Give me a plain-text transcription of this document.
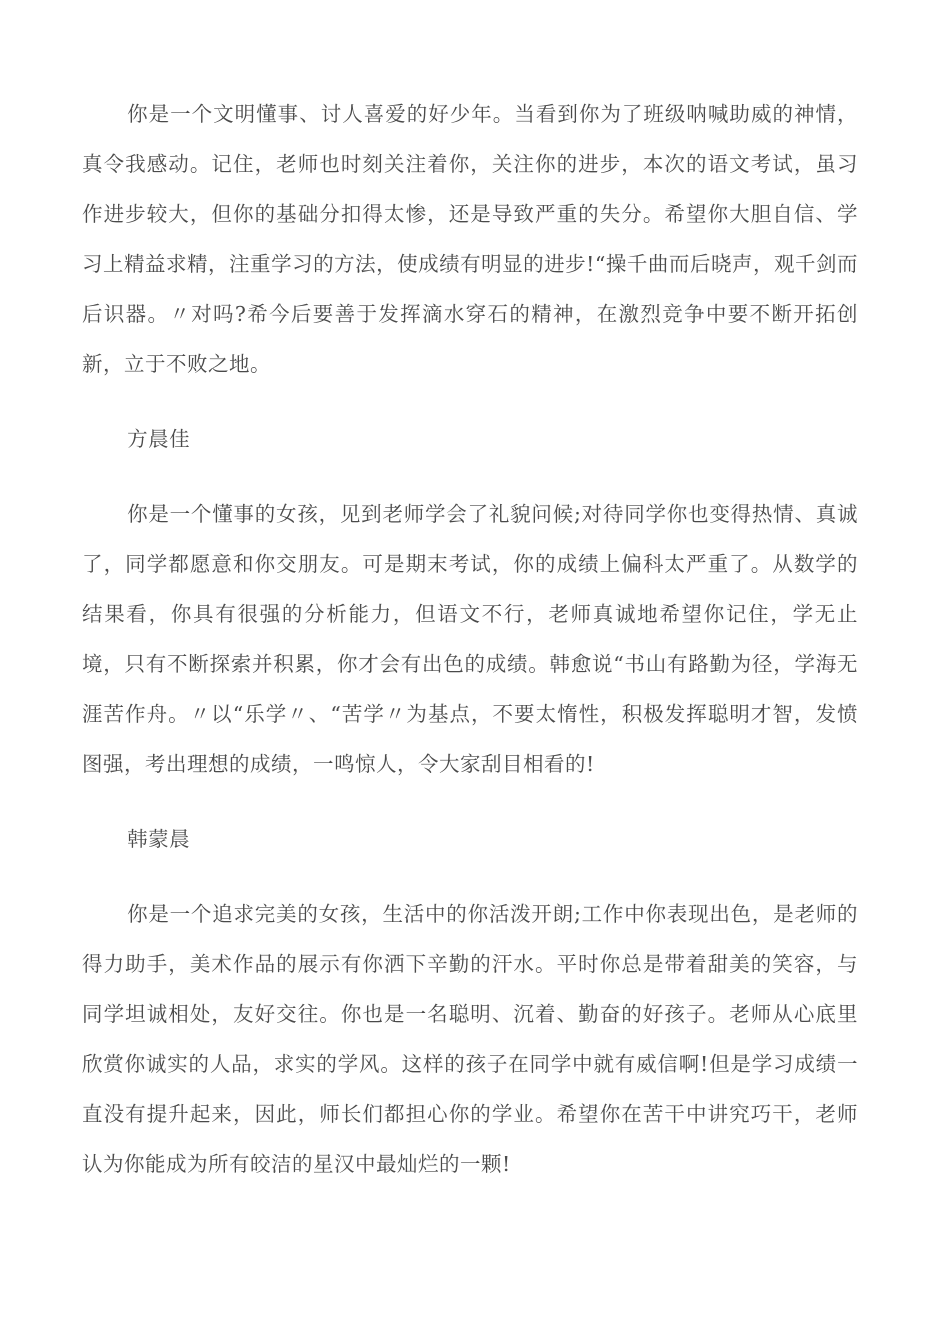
你是一个文明懂事、讨人喜爱的好少年。当看到你为了班级呐喊助威的神情，真令我感动。记住，老师也时刻关注着你，关注你的进步，本次的语文考试，虽习作进步较大，但你的基础分扣得太惨，还是导致严重的失分。希望你大胆自信、学习上精益求精，注重学习的方法，使成绩有明显的进步!“操千曲而后晓声，观千剑而后识器。〃对吗?希今后要善于发挥滴水穿石的精神，在激烈竞争中要不断开拓创新，立于不败之地。

方晨佳

你是一个懂事的女孩，见到老师学会了礼貌问候;对待同学你也变得热情、真诚了，同学都愿意和你交朋友。可是期末考试，你的成绩上偏科太严重了。从数学的结果看，你具有很强的分析能力，但语文不行，老师真诚地希望你记住，学无止境，只有不断探索并积累，你才会有出色的成绩。韩愈说“书山有路勤为径，学海无涯苦作舟。〃以“乐学〃、“苦学〃为基点，不要太惰性，积极发挥聪明才智，发愤图强，考出理想的成绩，一鸣惊人，令大家刮目相看的!

韩蒙晨

你是一个追求完美的女孩，生活中的你活泼开朗;工作中你表现出色，是老师的得力助手，美术作品的展示有你洒下辛勤的汗水。平时你总是带着甜美的笑容，与同学坦诚相处，友好交往。你也是一名聪明、沉着、勤奋的好孩子。老师从心底里欣赏你诚实的人品，求实的学风。这样的孩子在同学中就有威信啊!但是学习成绩一直没有提升起来，因此，师长们都担心你的学业。希望你在苦干中讲究巧干，老师认为你能成为所有皎洁的星汉中最灿烂的一颗!
